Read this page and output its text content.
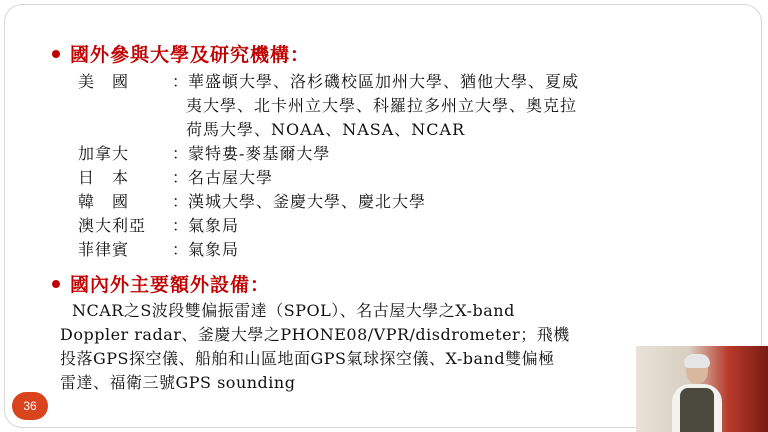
國外參與大學及研究機構：
美　國	：華盛頓大學、洛杉磯校區加州大學、猶他大學、夏威
夷大學、北卡州立大學、科羅拉多州立大學、奧克拉
荷馬大學、NOAA、NASA、NCAR
加拿大	：蒙特婁-麥基爾大學
日　本	：名古屋大學
韓　國	：漢城大學、釜慶大學、慶北大學
澳大利亞 ：氣象局
菲律賓	：氣象局
國內外主要額外設備：
NCAR之S波段雙偏振雷達（SPOL）、名古屋大學之X-band
Doppler radar、釜慶大學之PHONE08/VPR/disdrometer；飛機
投落GPS探空儀、船舶和山區地面GPS氣球探空儀、X-band雙偏極
雷達、福衛三號GPS sounding
36
